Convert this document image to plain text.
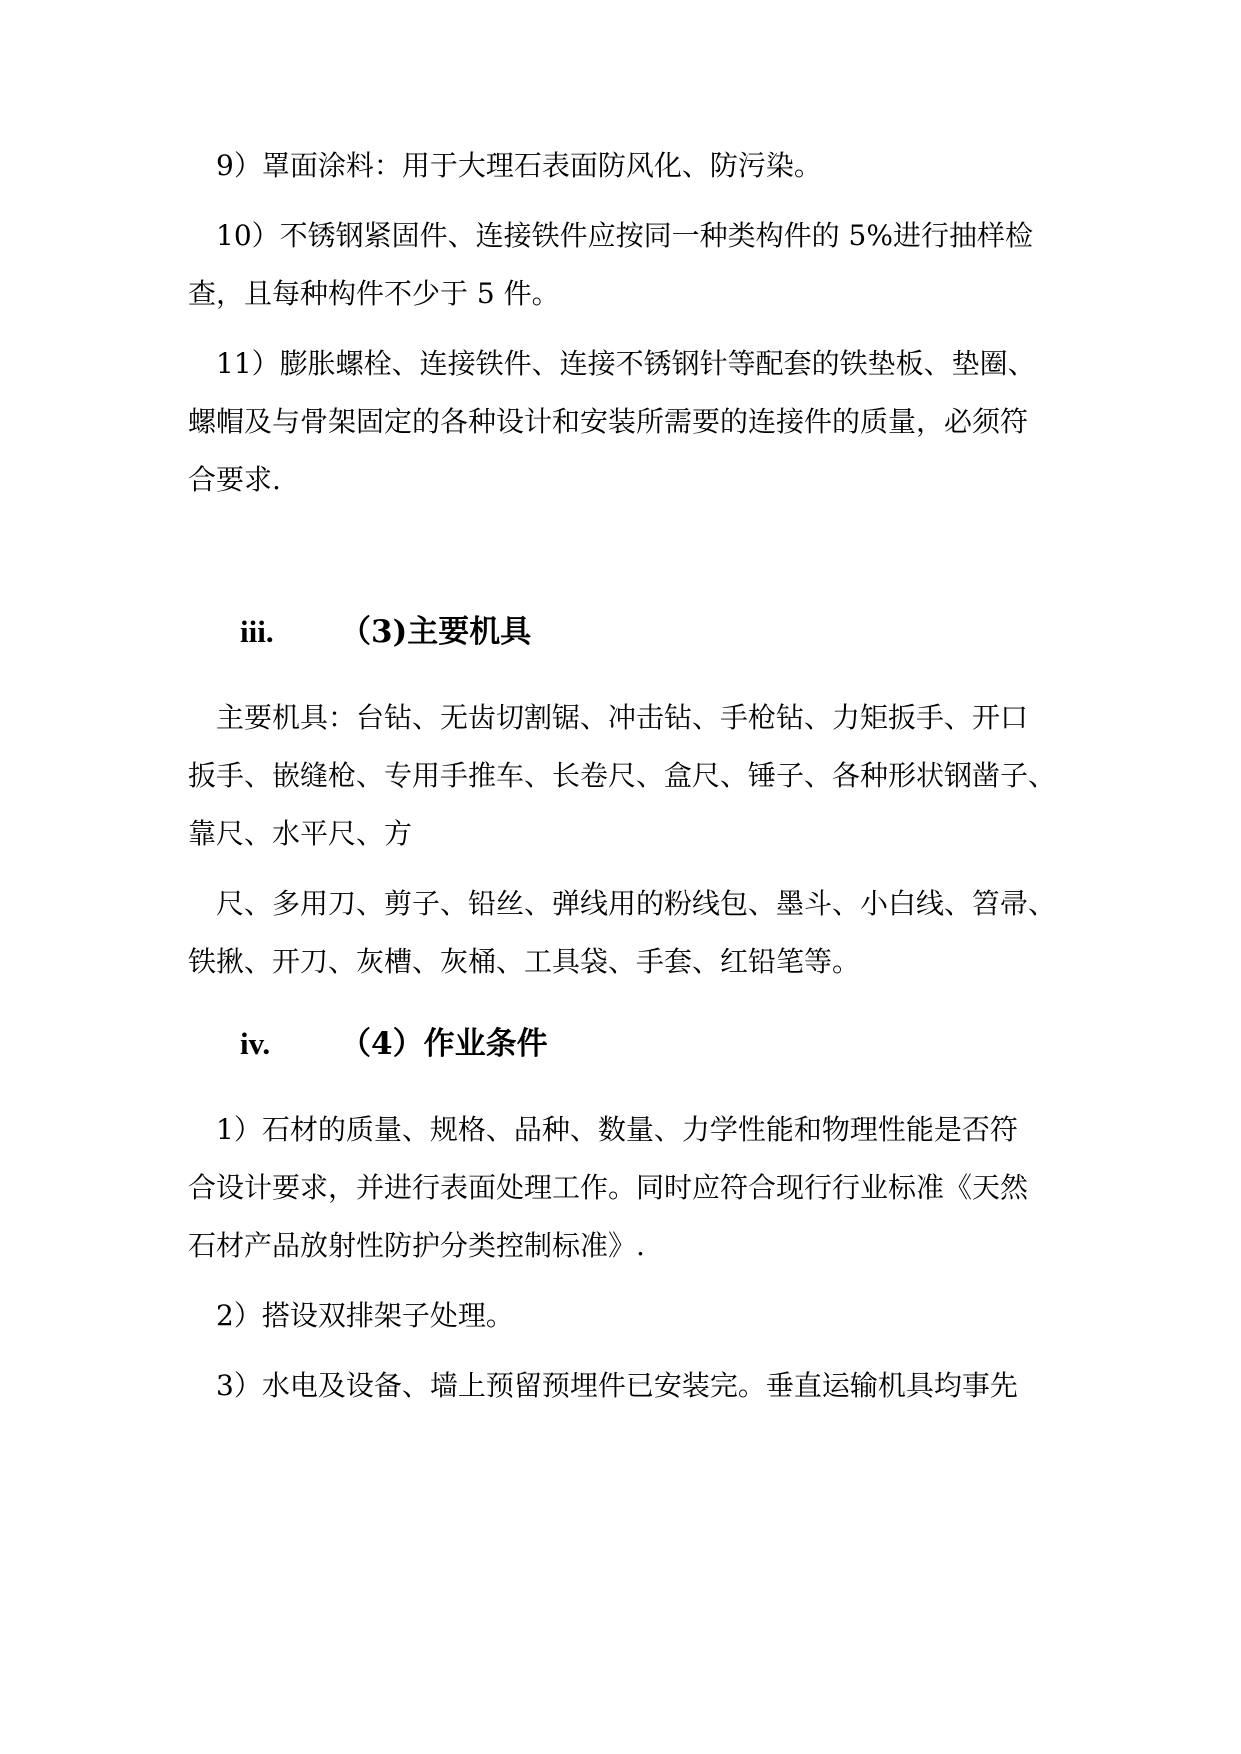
9）罩面涂料：用于大理石表面防风化、防污染。
10）不锈钢紧固件、连接铁件应按同一种类构件的 5%进行抽样检
查，且每种构件不少于 5 件。
11）膨胀螺栓、连接铁件、连接不锈钢针等配套的铁垫板、垫圈、
螺帽及与骨架固定的各种设计和安装所需要的连接件的质量，必须符
合要求.
iii. （3)主要机具
主要机具：台钻、无齿切割锯、冲击钻、手枪钻、力矩扳手、开口
扳手、嵌缝枪、专用手推车、长卷尺、盒尺、锤子、各种形状钢凿子、
靠尺、水平尺、方
尺、多用刀、剪子、铅丝、弹线用的粉线包、墨斗、小白线、笤帚、
铁揪、开刀、灰槽、灰桶、工具袋、手套、红铅笔等。
iv. （4）作业条件
1）石材的质量、规格、品种、数量、力学性能和物理性能是否符
合设计要求，并进行表面处理工作。同时应符合现行行业标准《天然
石材产品放射性防护分类控制标准》.
2）搭设双排架子处理。
3）水电及设备、墙上预留预埋件已安装完。垂直运输机具均事先
